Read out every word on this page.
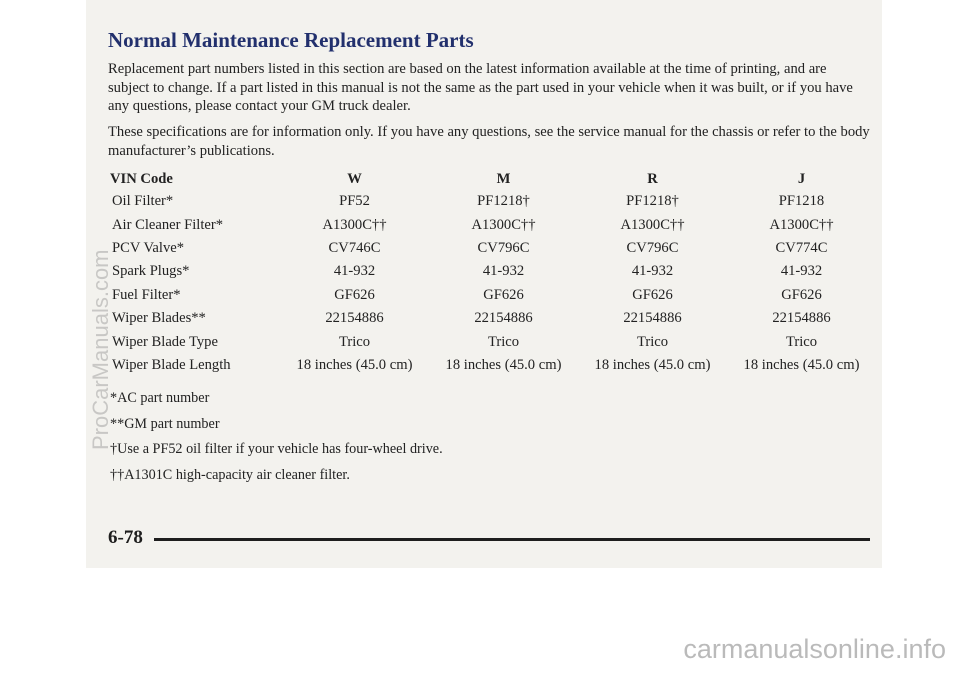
Normal Maintenance Replacement Parts

Replacement part numbers listed in this section are based on the latest information available at the time of printing, and are subject to change. If a part listed in this manual is not the same as the part used in your vehicle when it was built, or if you have any questions, please contact your GM truck dealer.

These specifications are for information only. If you have any questions, see the service manual for the chassis or refer to the body manufacturer’s publications.

VIN Code	W	M	R	J
Oil Filter*	PF52	PF1218†	PF1218†	PF1218
Air Cleaner Filter*	A1300C††	A1300C††	A1300C††	A1300C††
PCV Valve*	CV746C	CV796C	CV796C	CV774C
Spark Plugs*	41-932	41-932	41-932	41-932
Fuel Filter*	GF626	GF626	GF626	GF626
Wiper Blades**	22154886	22154886	22154886	22154886
Wiper Blade Type	Trico	Trico	Trico	Trico
Wiper Blade Length	18 inches (45.0 cm)	18 inches (45.0 cm)	18 inches (45.0 cm)	18 inches (45.0 cm)
*AC part number
**GM part number
†Use a PF52 oil filter if your vehicle has four-wheel drive.
††A1301C high-capacity air cleaner filter.
6-78
ProCarManuals.com
carmanualsonline.info
